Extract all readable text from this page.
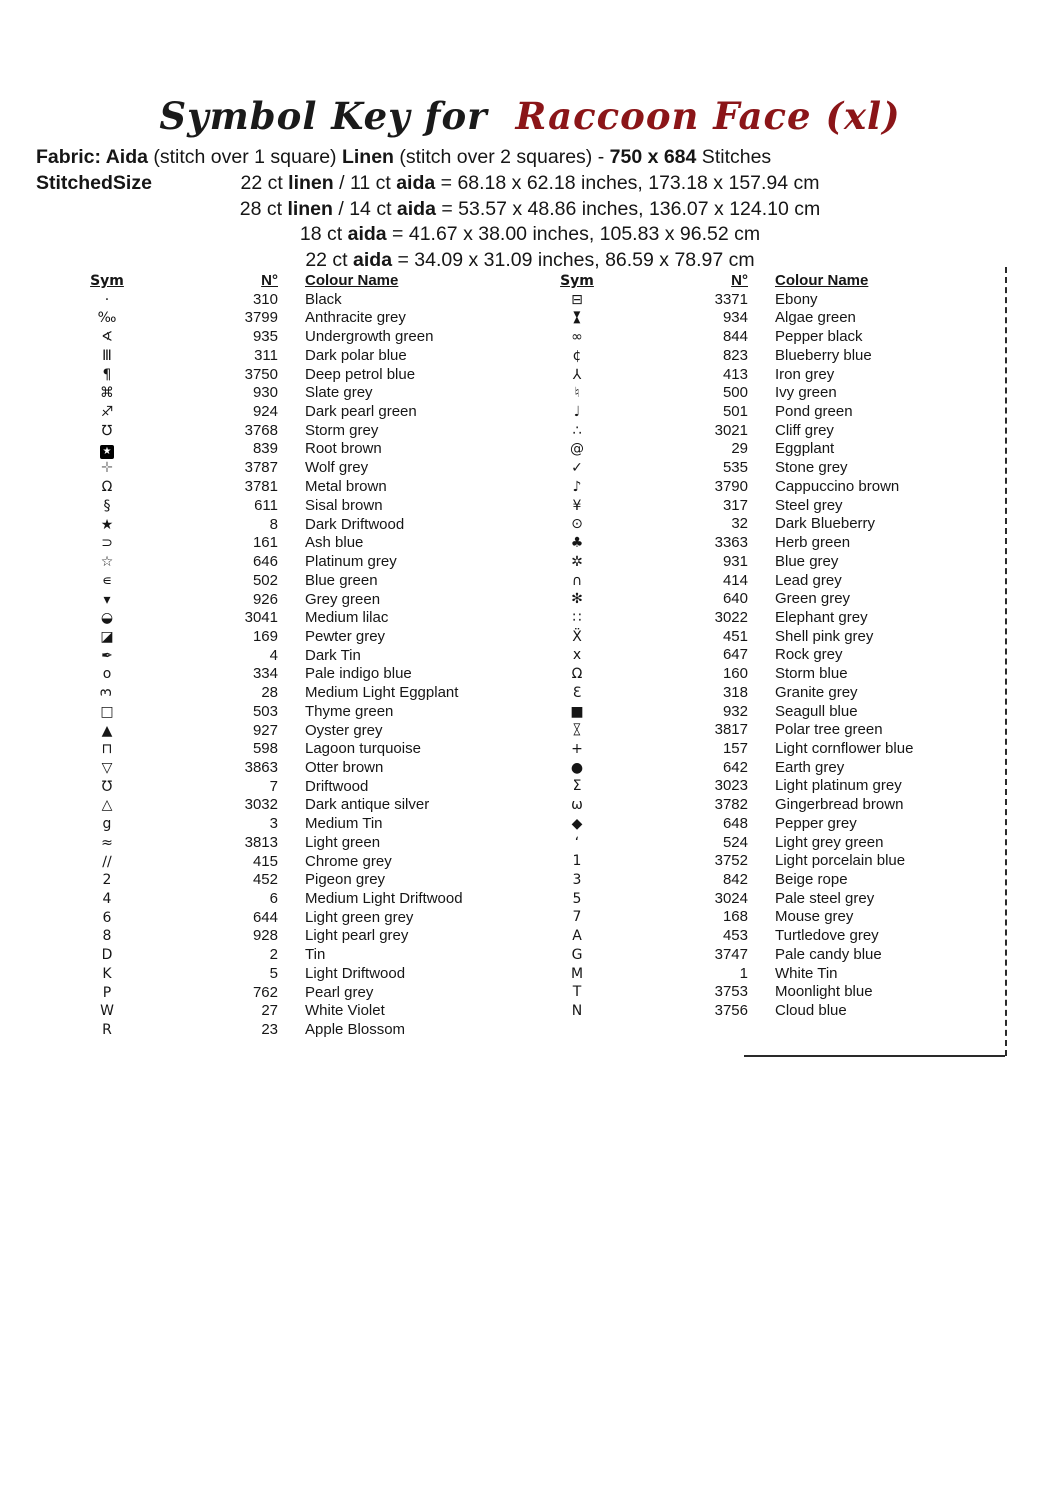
Symbol Key for Raccoon Face (xl)
Fabric: Aida (stitch over 1 square) Linen (stitch over 2 squares) - 750 x 684 Stitches
StitchedSize	22 ct linen / 11 ct aida = 68.18 x 62.18 inches, 173.18 x 157.94 cm
28 ct linen / 14 ct aida = 53.57 x 48.86 inches, 136.07 x 124.10 cm
18 ct aida = 41.67 x 38.00 inches, 105.83 x 96.52 cm
22 ct aida = 34.09 x 31.09 inches, 86.59 x 78.97 cm
Sym	N°	Colour Name
·	310	Black
‰	3799	Anthracite grey
∢	935	Undergrowth green
Ⅲ	311	Dark polar blue
¶	3750	Deep petrol blue
⌘	930	Slate grey
♐	924	Dark pearl green
℧	3768	Storm grey
★	839	Root brown
✛	3787	Wolf grey
Ω	3781	Metal brown
§	611	Sisal brown
★	8	Dark Driftwood
⊃	161	Ash blue
☆	646	Platinum grey
∊	502	Blue green
▾	926	Grey green
◒	3041	Medium lilac
◪	169	Pewter grey
✒	4	Dark Tin
o	334	Pale indigo blue
3	28	Medium Light Eggplant
□	503	Thyme green
▲	927	Oyster grey
⊓	598	Lagoon turquoise
▽	3863	Otter brown
Ʊ	7	Driftwood
△	3032	Dark antique silver
g	3	Medium Tin
≈	3813	Light green
∕∕	415	Chrome grey
2	452	Pigeon grey
4	6	Medium Light Driftwood
6	644	Light green grey
8	928	Light pearl grey
D	2	Tin
K	5	Light Driftwood
P	762	Pearl grey
W	27	White Violet
R	23	Apple Blossom
Sym	N°	Colour Name
⊟	3371	Ebony
▸◂	934	Algae green
∞	844	Pepper black
¢	823	Blueberry blue
⅄	413	Iron grey
♮	500	Ivy green
♩	501	Pond green
∴	3021	Cliff grey
@	29	Eggplant
✓	535	Stone grey
♪	3790	Cappuccino brown
¥	317	Steel grey
⊙	32	Dark Blueberry
♣	3363	Herb green
✲	931	Blue grey
∩	414	Lead grey
✻	640	Green grey
∷	3022	Elephant grey
Ẍ	451	Shell pink grey
x	647	Rock grey
Ω	160	Storm blue
Ɛ	318	Granite grey
■	932	Seagull blue
▹◃	3817	Polar tree green
+	157	Light cornflower blue
●	642	Earth grey
Σ	3023	Light platinum grey
ω	3782	Gingerbread brown
◆	648	Pepper grey
ʻ	524	Light grey green
1	3752	Light porcelain blue
3	842	Beige rope
5	3024	Pale steel grey
7	168	Mouse grey
A	453	Turtledove grey
G	3747	Pale candy blue
M	1	White Tin
T	3753	Moonlight blue
N	3756	Cloud blue
